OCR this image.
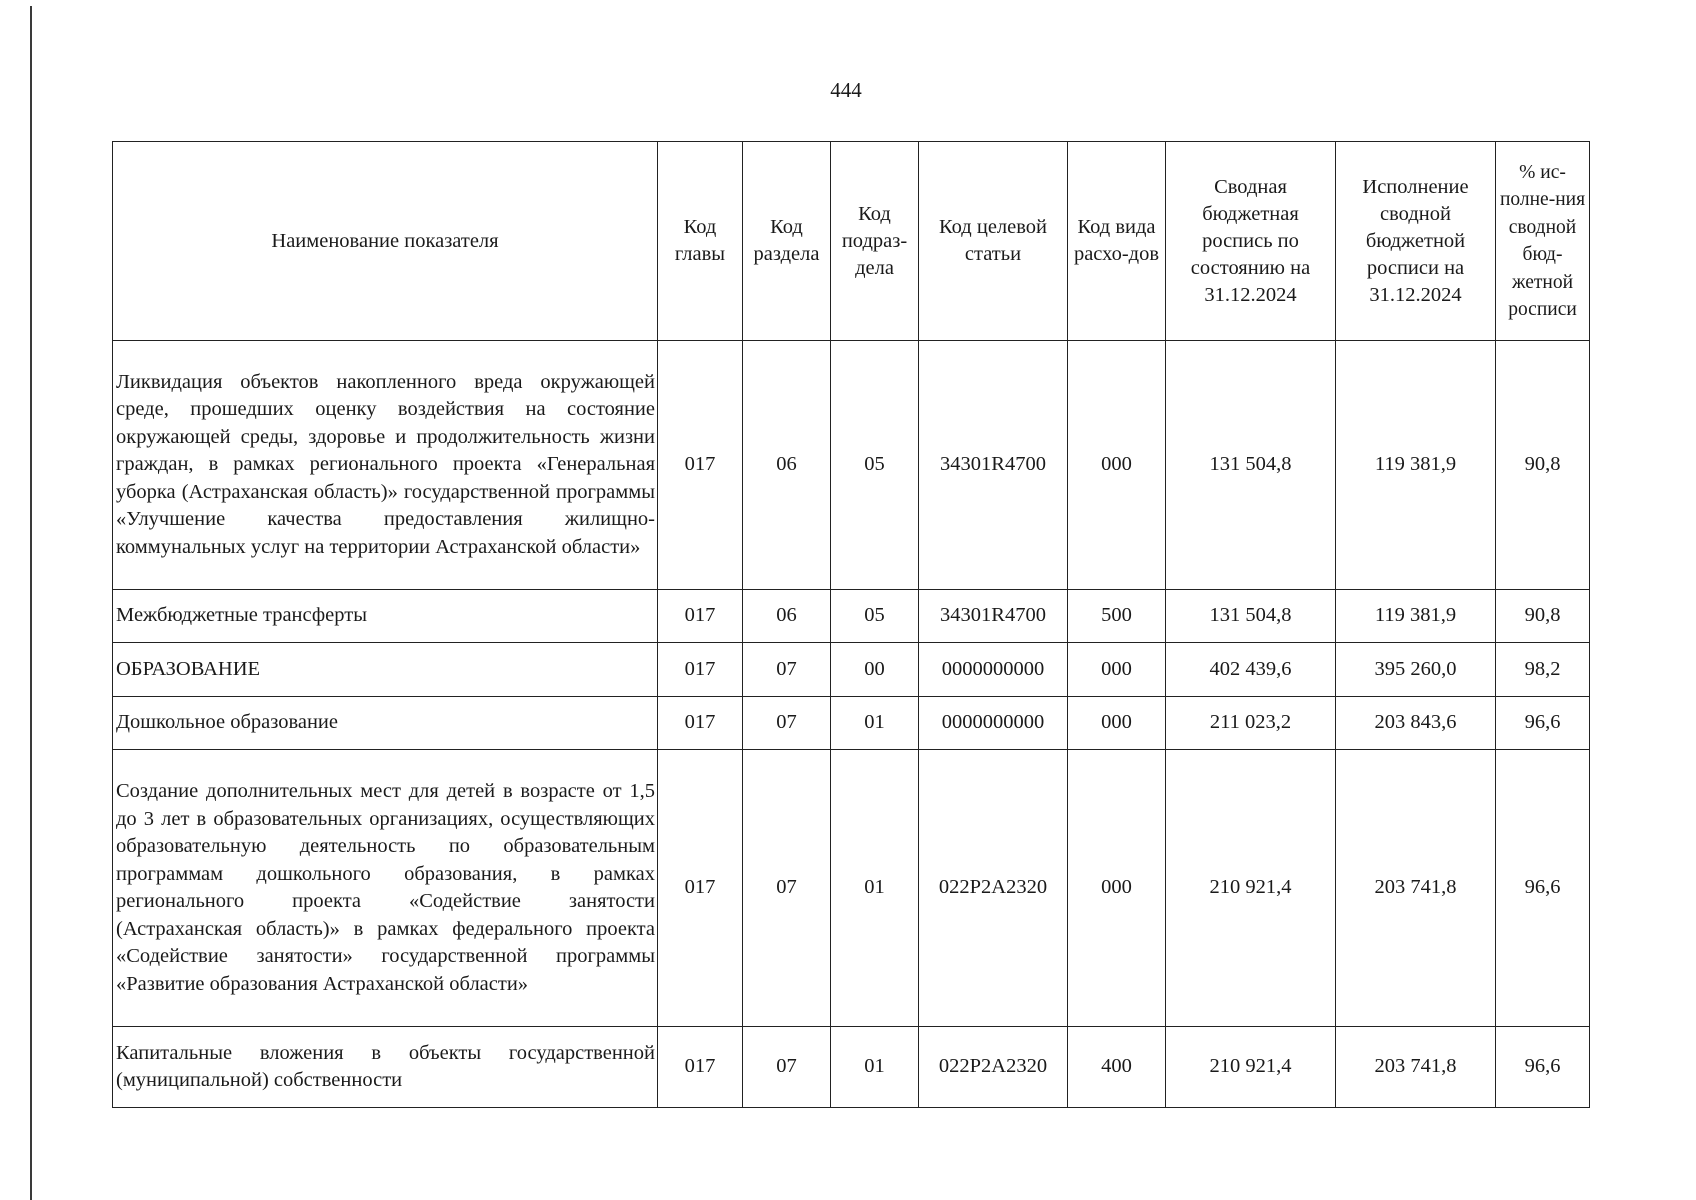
444
Наименование показателя	Код главы	Код раздела	Код подраз-дела	Код целевой статьи	Код вида расхо-дов	Сводная бюджетная роспись по состоянию на 31.12.2024	Исполнение сводной бюджетной росписи на 31.12.2024	% ис-полне-ния сводной бюд-жетной росписи
Ликвидация объектов накопленного вреда окружающей среде, прошедших оценку воздействия на состояние окружающей среды, здоровье и продолжительность жизни граждан, в рамках регионального проекта «Генеральная уборка (Астраханская область)» государственной программы «Улучшение качества предоставления жилищно-коммунальных услуг на территории Астраханской области»	017	06	05	34301R4700	000	131 504,8	119 381,9	90,8
Межбюджетные трансферты	017	06	05	34301R4700	500	131 504,8	119 381,9	90,8
ОБРАЗОВАНИЕ	017	07	00	0000000000	000	402 439,6	395 260,0	98,2
Дошкольное образование	017	07	01	0000000000	000	211 023,2	203 843,6	96,6
Создание дополнительных мест для детей в возрасте от 1,5 до 3 лет в образовательных организациях, осуществляющих образовательную деятельность по образовательным программам дошкольного образования, в рамках регионального проекта «Содействие занятости (Астраханская область)» в рамках федерального проекта «Содействие занятости» государственной программы «Развитие образования Астраханской области»	017	07	01	022P2A2320	000	210 921,4	203 741,8	96,6
Капитальные вложения в объекты государственной (муниципальной) собственности	017	07	01	022P2A2320	400	210 921,4	203 741,8	96,6
